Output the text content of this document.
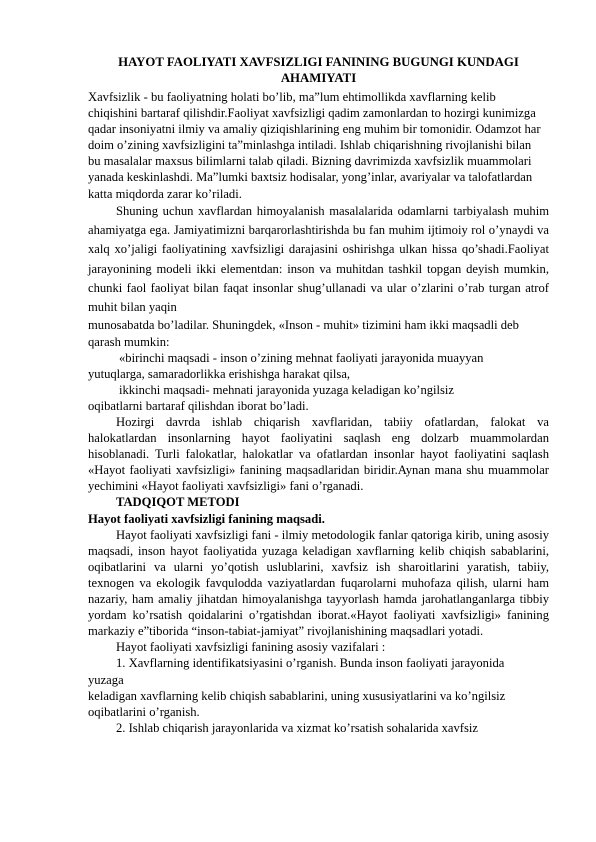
HAYOT FAOLIYATI XAVFSIZLIGI FANINING BUGUNGI KUNDAGI AHAMIYATI

Xavfsizlik - bu faoliyatning holati bo’lib, ma”lum ehtimollikda xavflarning kelib chiqishini bartaraf qilishdir.Faoliyat xavfsizligi qadim zamonlardan to hozirgi kunimizga qadar insoniyatni ilmiy va amaliy qiziqishlarining eng muhim bir tomonidir. Odamzot har doim o’zining xavfsizligini ta”minlashga intiladi. Ishlab chiqarishning rivojlanishi bilan bu masalalar maxsus bilimlarni talab qiladi. Bizning davrimizda xavfsizlik muammolari yanada keskinlashdi. Ma”lumki baxtsiz hodisalar, yong’inlar, avariyalar va talofatlardan katta miqdorda zarar ko’riladi.

Shuning uchun xavflardan himoyalanish masalalarida odamlarni tarbiyalash muhim ahamiyatga ega. Jamiyatimizni barqarorlashtirishda bu fan muhim ijtimoiy rol o’ynaydi va xalq xo’jaligi faoliyatining xavfsizligi darajasini oshirishga ulkan hissa qo’shadi.Faoliyat jarayonining modeli ikki elementdan: inson va muhitdan tashkil topgan deyish mumkin, chunki faol faoliyat bilan faqat insonlar shug’ullanadi va ular o’zlarini o’rab turgan atrof muhit bilan yaqin

munosabatda bo’ladilar. Shuningdek, «Inson - muhit» tizimini ham ikki maqsadli deb qarash mumkin:

«birinchi maqsadi - inson o’zining mehnat faoliyati jarayonida muayyan yutuqlarga, samaradorlikka erishishga harakat qilsa,

ikkinchi maqsadi- mehnati jarayonida yuzaga keladigan ko’ngilsiz oqibatlarni bartaraf qilishdan iborat bo’ladi.

Hozirgi davrda ishlab chiqarish xavflaridan, tabiiy ofatlardan, falokat va halokatlardan insonlarning hayot faoliyatini saqlash eng dolzarb muammolardan hisoblanadi. Turli falokatlar, halokatlar va ofatlardan insonlar hayot faoliyatini saqlash «Hayot faoliyati xavfsizligi» fanining maqsadlaridan biridir.Aynan mana shu muammolar yechimini «Hayot faoliyati xavfsizligi» fani o’rganadi.

TADQIQOT METODI

Hayot faoliyati xavfsizligi fanining maqsadi.

Hayot faoliyati xavfsizligi fani - ilmiy metodologik fanlar qatoriga kirib, uning asosiy maqsadi, inson hayot faoliyatida yuzaga keladigan xavflarning kelib chiqish sabablarini, oqibatlarini va ularni yo’qotish uslublarini, xavfsiz ish sharoitlarini yaratish, tabiiy, texnogen va ekologik favqulodda vaziyatlardan fuqarolarni muhofaza qilish, ularni ham nazariy, ham amaliy jihatdan himoyalanishga tayyorlash hamda jarohatlanganlarga tibbiy yordam ko’rsatish qoidalarini o’rgatishdan iborat.«Hayot faoliyati xavfsizligi» fanining markaziy e”tiborida “inson-tabiat-jamiyat” rivojlanishining maqsadlari yotadi.

Hayot faoliyati xavfsizligi fanining asosiy vazifalari :

1. Xavflarning identifikatsiyasini o’rganish. Bunda inson faoliyati jarayonida yuzaga

keladigan xavflarning kelib chiqish sabablarini, uning xususiyatlarini va ko’ngilsiz oqibatlarini o’rganish.

2. Ishlab chiqarish jarayonlarida va xizmat ko’rsatish sohalarida xavfsiz
